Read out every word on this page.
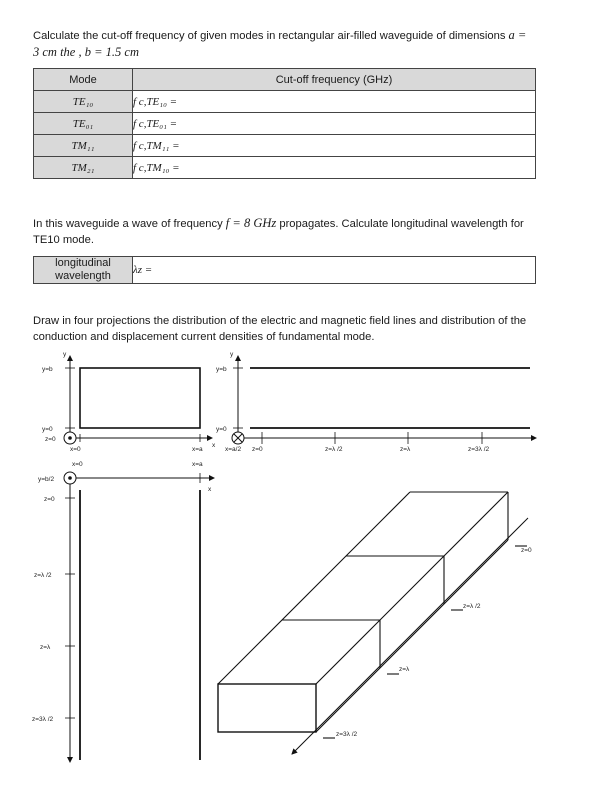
Calculate the cut-off frequency of given modes in rectangular air-filled waveguide of dimensions a =
3 cm the , b = 1.5 cm
Mode	Cut-off frequency (GHz)
TE₁₀	f c,TE₁₀ =
TE₀₁	f c,TE₀₁ =
TM₁₁	f c,TM₁₁ =
TM₂₁	f c,TM₁₀ =
In this waveguide a wave of frequency f = 8 GHz propagates. Calculate longitudinal wavelength for
TE10 mode.
longitudinal
wavelength	λz =
Draw in four projections the distribution of the electric and magnetic field lines and distribution of the
conduction and displacement current densities of fundamental mode.
y
y=b
y=0
z=0
x
x=0	x=a
y
y=b
y=0
x=a/2 z=0	z=λ /2	z=λ	z=3λ /2
x=0	x=a
y=b/2
x
z=0
z=λ /2
z=λ
z=3λ /2
z=0
z=λ /2
z=λ
z=3λ /2
